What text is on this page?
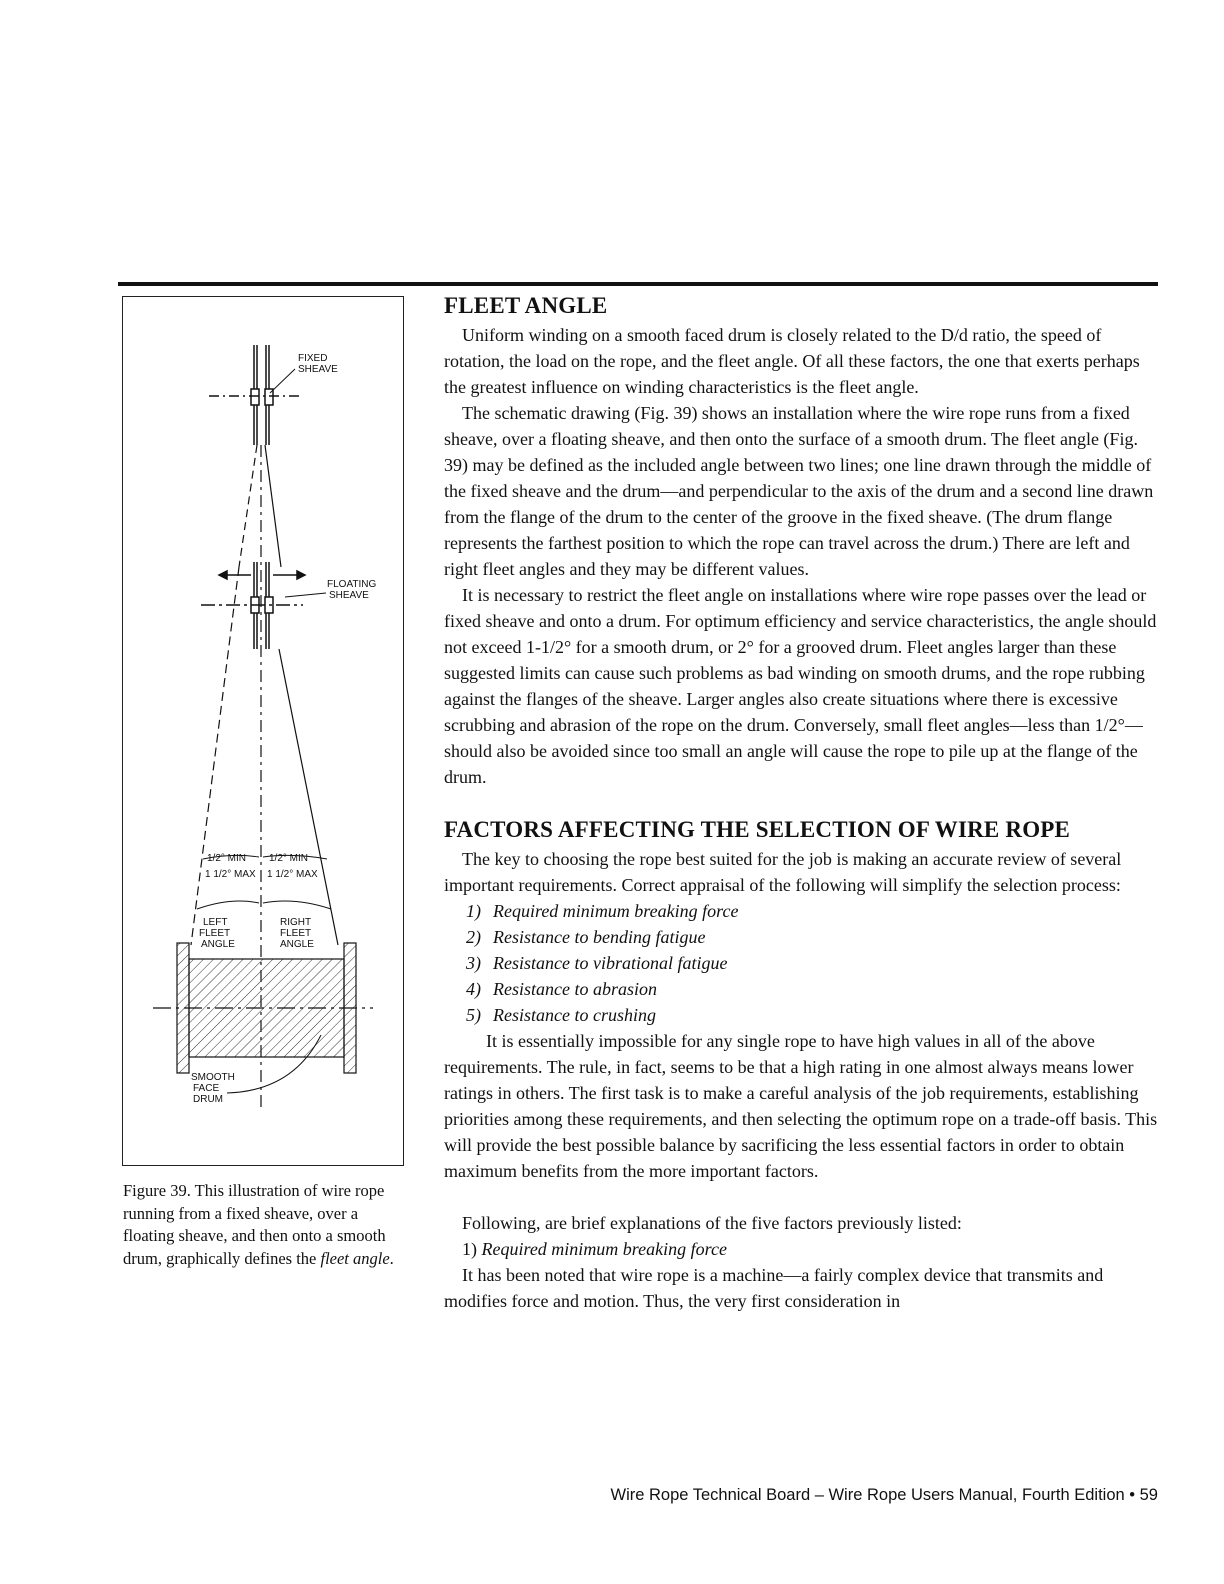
FIXED
SHEAVE
FLOATING
SHEAVE
1/2° MIN 1/2° MIN
1 1/2° MAX 1 1/2° MAX
LEFT
FLEET
ANGLE
RIGHT
FLEET
ANGLE
SMOOTH
FACE
DRUM
Figure 39. This illustration of wire rope running from a fixed sheave, over a floating sheave, and then onto a smooth drum, graphically defines the fleet angle.
FLEET ANGLE

Uniform winding on a smooth faced drum is closely related to the D/d ratio, the speed of rotation, the load on the rope, and the fleet angle. Of all these factors, the one that exerts perhaps the greatest influence on winding characteristics is the fleet angle.

The schematic drawing (Fig. 39) shows an installation where the wire rope runs from a fixed sheave, over a floating sheave, and then onto the surface of a smooth drum. The fleet angle (Fig. 39) may be defined as the included angle between two lines; one line drawn through the middle of the fixed sheave and the drum—and perpendicular to the axis of the drum and a second line drawn from the flange of the drum to the center of the groove in the fixed sheave. (The drum flange represents the farthest position to which the rope can travel across the drum.) There are left and right fleet angles and they may be different values.

It is necessary to restrict the fleet angle on installations where wire rope passes over the lead or fixed sheave and onto a drum. For optimum efficiency and service characteristics, the angle should not exceed 1-1/2° for a smooth drum, or 2° for a grooved drum. Fleet angles larger than these suggested limits can cause such problems as bad winding on smooth drums, and the rope rubbing against the flanges of the sheave. Larger angles also create situations where there is excessive scrubbing and abrasion of the rope on the drum. Conversely, small fleet angles—less than 1/2°—should also be avoided since too small an angle will cause the rope to pile up at the flange of the drum.

FACTORS AFFECTING THE SELECTION OF WIRE ROPE

The key to choosing the rope best suited for the job is making an accurate review of several important requirements. Correct appraisal of the following will simplify the selection process:

1) Required minimum breaking force
2) Resistance to bending fatigue
3) Resistance to vibrational fatigue
4) Resistance to abrasion
5) Resistance to crushing

It is essentially impossible for any single rope to have high values in all of the above requirements. The rule, in fact, seems to be that a high rating in one almost always means lower ratings in others. The first task is to make a careful analysis of the job requirements, establishing priorities among these requirements, and then selecting the optimum rope on a trade-off basis. This will provide the best possible balance by sacrificing the less essential factors in order to obtain maximum benefits from the more important factors.

Following, are brief explanations of the five factors previously listed:

1) Required minimum breaking force

It has been noted that wire rope is a machine—a fairly complex device that transmits and modifies force and motion. Thus, the very first consideration in

Wire Rope Technical Board – Wire Rope Users Manual, Fourth Edition • 59
